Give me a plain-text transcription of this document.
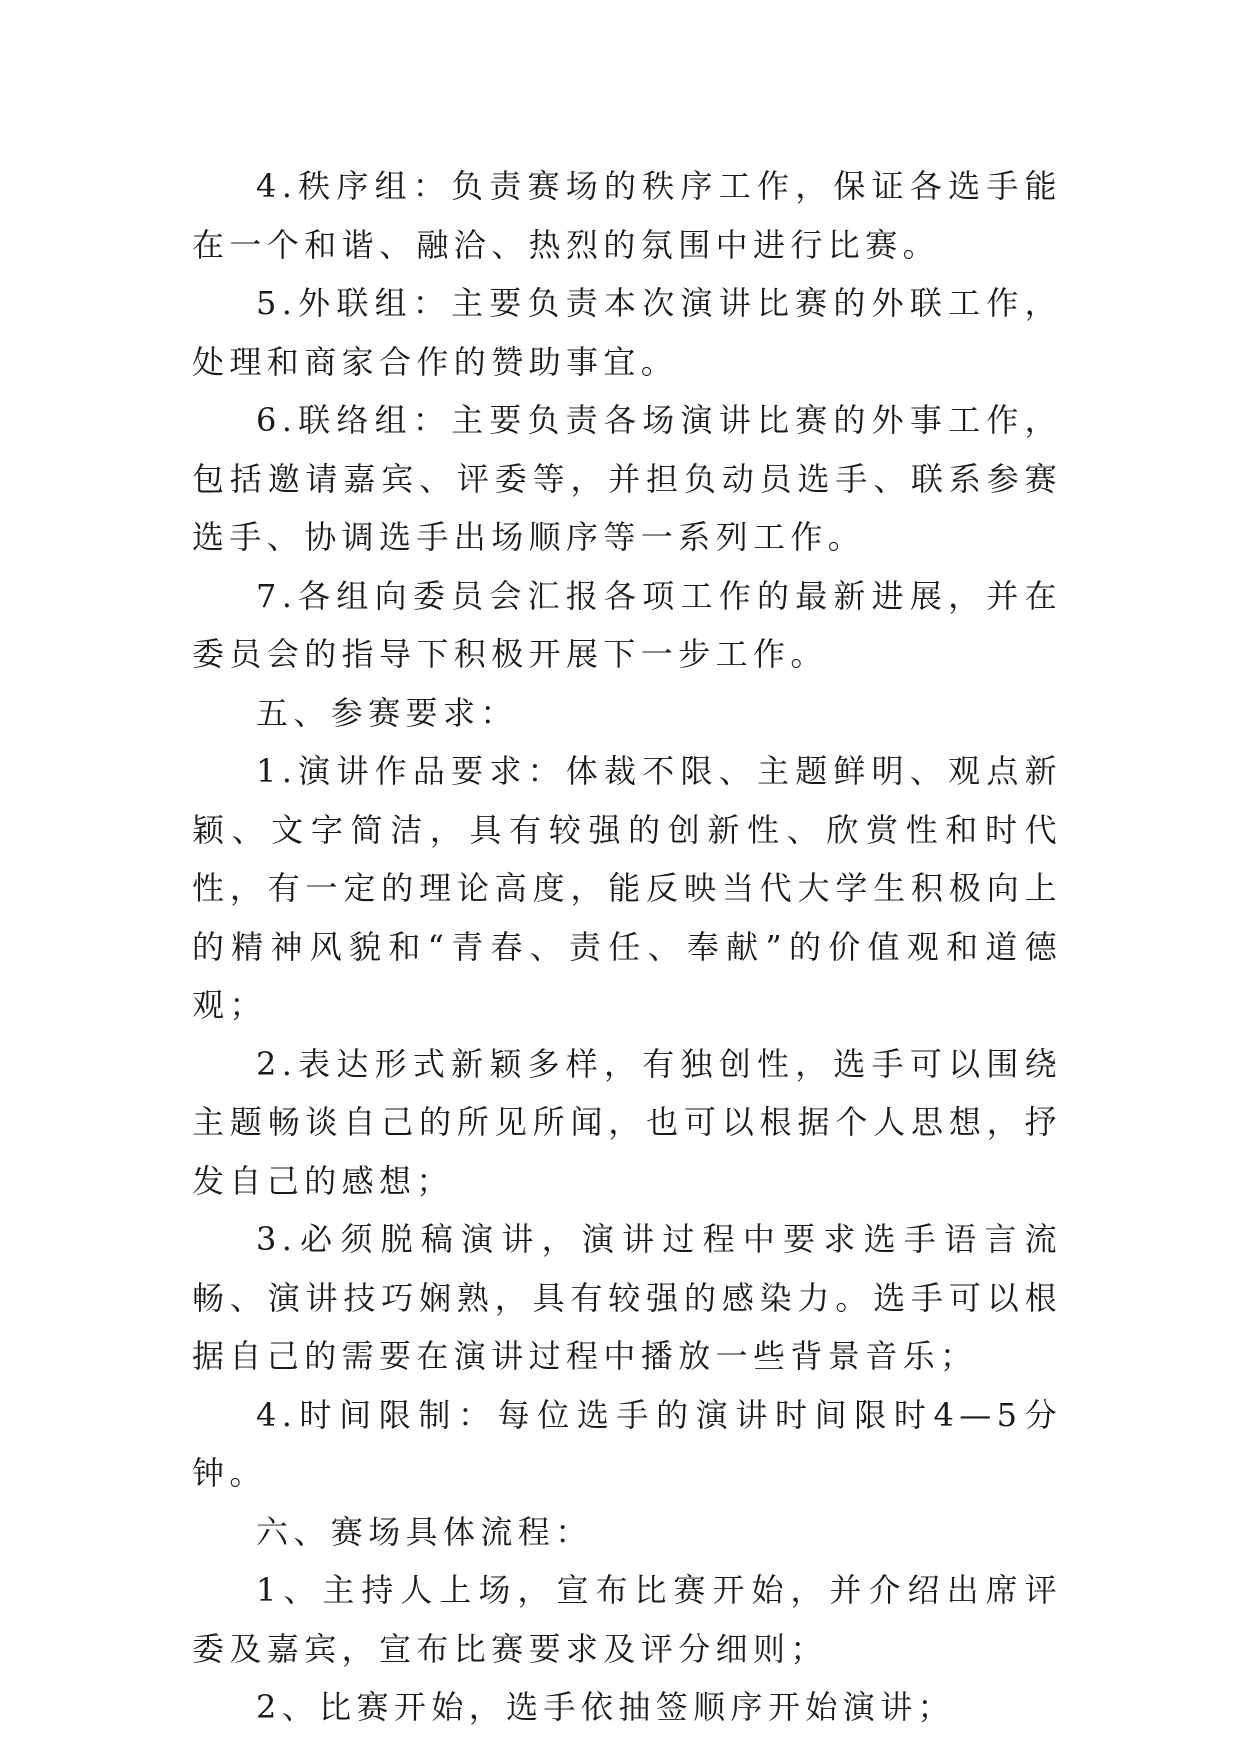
4.秩序组：负责赛场的秩序工作，保证各选手能在一个和谐、融洽、热烈的氛围中进行比赛。

5.外联组：主要负责本次演讲比赛的外联工作，处理和商家合作的赞助事宜。

6.联络组：主要负责各场演讲比赛的外事工作，包括邀请嘉宾、评委等，并担负动员选手、联系参赛选手、协调选手出场顺序等一系列工作。

7.各组向委员会汇报各项工作的最新进展，并在委员会的指导下积极开展下一步工作。

五、参赛要求：

1.演讲作品要求：体裁不限、主题鲜明、观点新颖、文字简洁，具有较强的创新性、欣赏性和时代性，有一定的理论高度，能反映当代大学生积极向上的精神风貌和“青春、责任、奉献”的价值观和道德观；

2.表达形式新颖多样，有独创性，选手可以围绕主题畅谈自己的所见所闻，也可以根据个人思想，抒发自己的感想；

3.必须脱稿演讲，演讲过程中要求选手语言流畅、演讲技巧娴熟，具有较强的感染力。选手可以根据自己的需要在演讲过程中播放一些背景音乐；

4.时间限制：每位选手的演讲时间限时4—5分钟。

六、赛场具体流程：

1、主持人上场，宣布比赛开始，并介绍出席评委及嘉宾，宣布比赛要求及评分细则；

2、比赛开始，选手依抽签顺序开始演讲；
